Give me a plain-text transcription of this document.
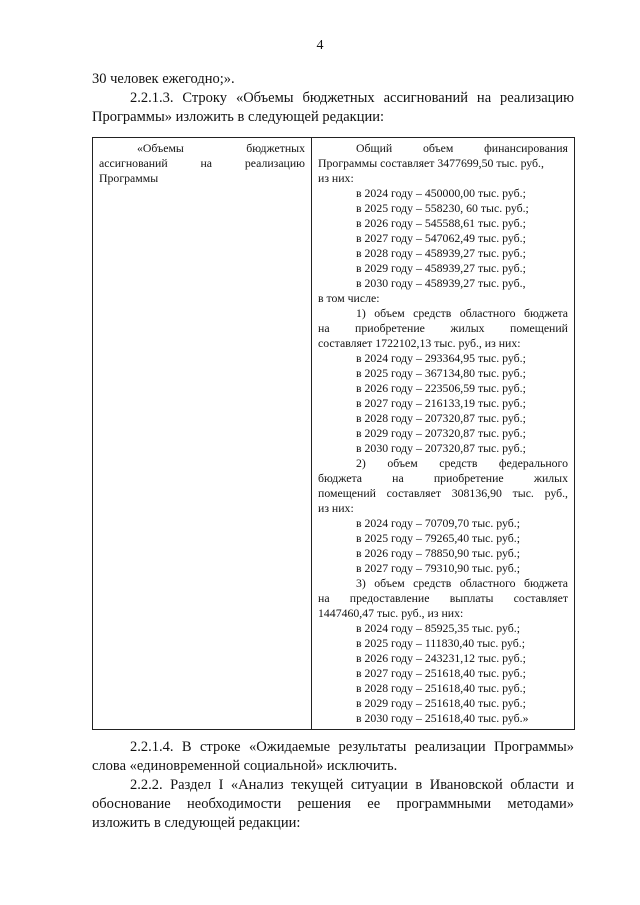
4
30 человек ежегодно;».
2.2.1.3. Строку «Объемы бюджетных ассигнований на реализацию
Программы» изложить в следующей редакции:
«Объемы бюджетных
ассигнований на реализацию
Программы

Общий объем финансирования
Программы составляет 3477699,50 тыс. руб.,
из них:
в 2024 году – 450000,00 тыс. руб.;
в 2025 году – 558230, 60 тыс. руб.;
в 2026 году – 545588,61 тыс. руб.;
в 2027 году – 547062,49 тыс. руб.;
в 2028 году – 458939,27 тыс. руб.;
в 2029 году – 458939,27 тыс. руб.;
в 2030 году – 458939,27 тыс. руб.,
в том числе:
1) объем средств областного бюджета
на приобретение жилых помещений
составляет 1722102,13 тыс. руб., из них:
в 2024 году – 293364,95 тыс. руб.;
в 2025 году – 367134,80 тыс. руб.;
в 2026 году – 223506,59 тыс. руб.;
в 2027 году – 216133,19 тыс. руб.;
в 2028 году – 207320,87 тыс. руб.;
в 2029 году – 207320,87 тыс. руб.;
в 2030 году – 207320,87 тыс. руб.;
2) объем средств федерального
бюджета на приобретение жилых
помещений составляет 308136,90 тыс. руб.,
из них:
в 2024 году – 70709,70 тыс. руб.;
в 2025 году – 79265,40 тыс. руб.;
в 2026 году – 78850,90 тыс. руб.;
в 2027 году – 79310,90 тыс. руб.;
3) объем средств областного бюджета
на предоставление выплаты составляет
1447460,47 тыс. руб., из них:
в 2024 году – 85925,35 тыс. руб.;
в 2025 году – 111830,40 тыс. руб.;
в 2026 году – 243231,12 тыс. руб.;
в 2027 году – 251618,40 тыс. руб.;
в 2028 году – 251618,40 тыс. руб.;
в 2029 году – 251618,40 тыс. руб.;
в 2030 году – 251618,40 тыс. руб.»
2.2.1.4. В строке «Ожидаемые результаты реализации Программы»
слова «единовременной социальной» исключить.
2.2.2. Раздел I «Анализ текущей ситуации в Ивановской области и
обоснование необходимости решения ее программными методами»
изложить в следующей редакции:
